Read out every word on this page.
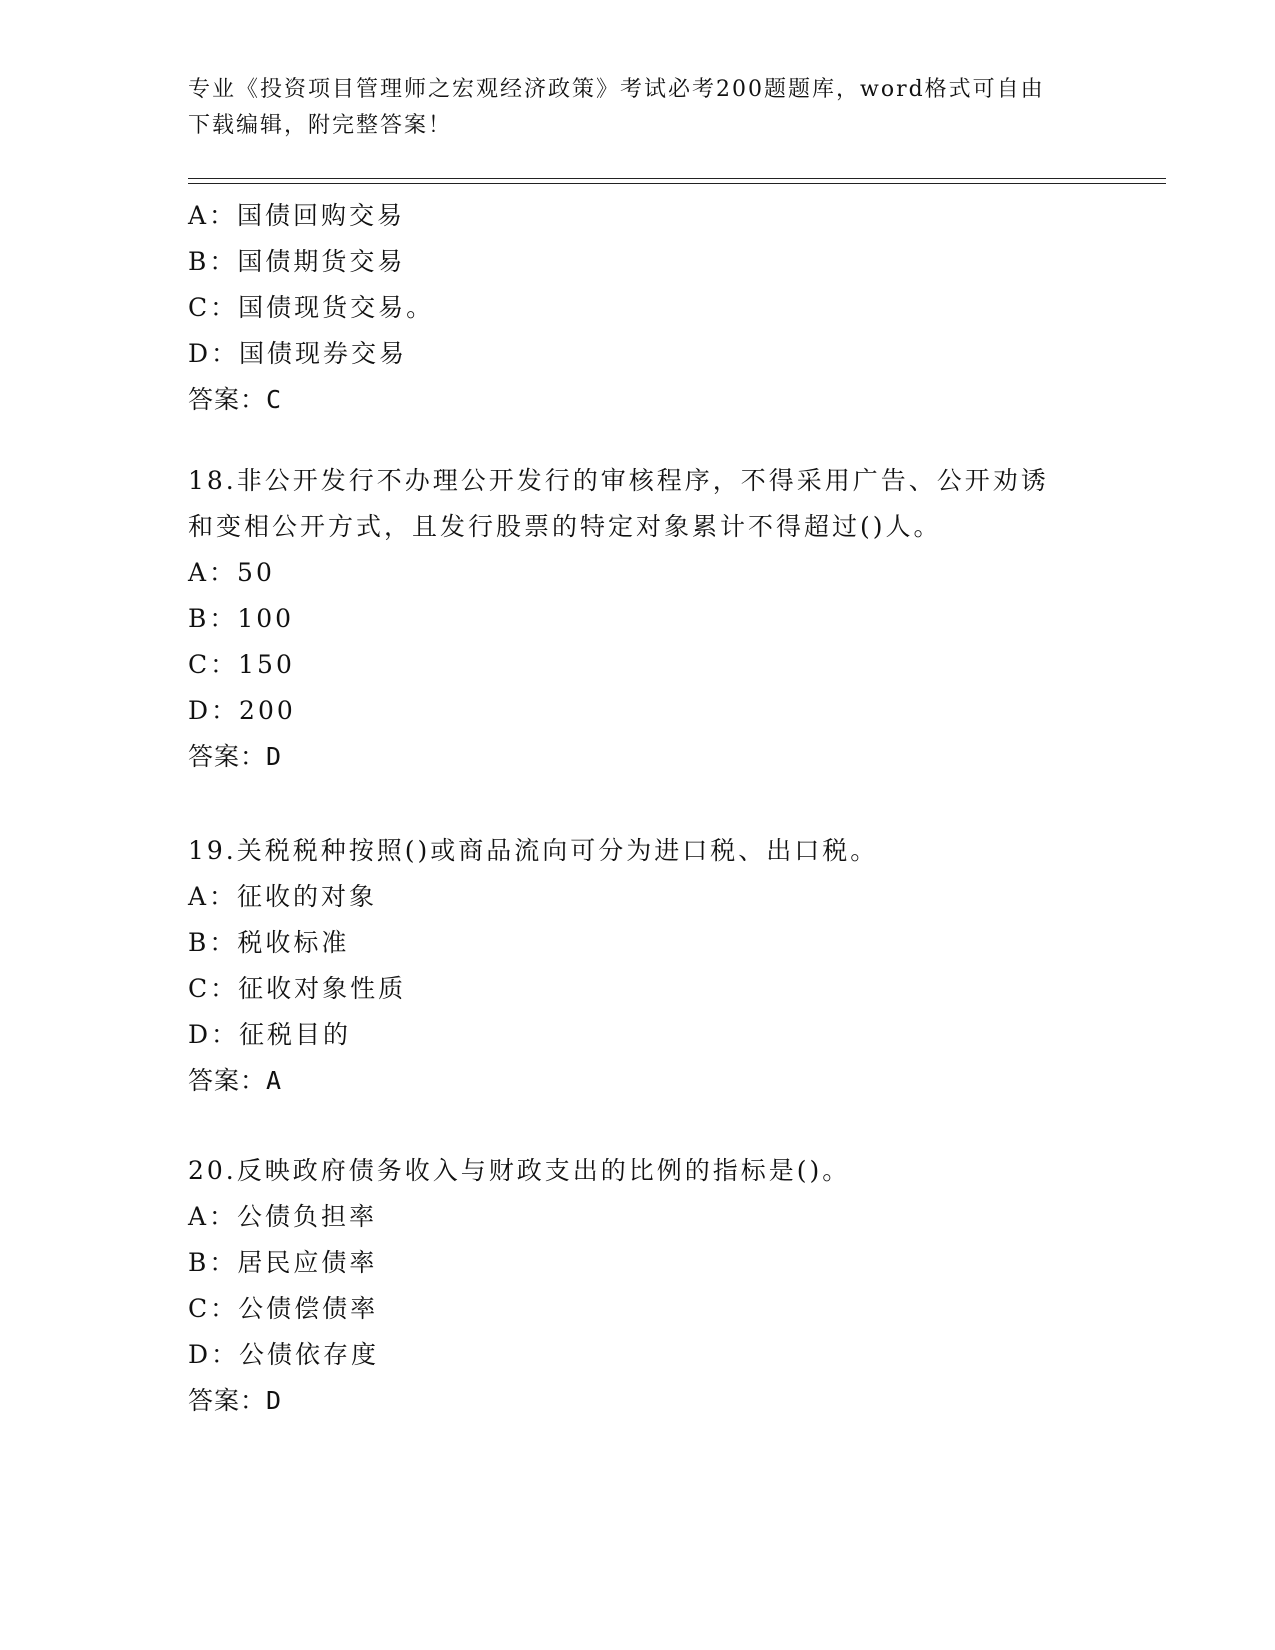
专业《投资项目管理师之宏观经济政策》考试必考200题题库，word格式可自由
下载编辑，附完整答案！
A：国债回购交易
B：国债期货交易
C：国债现货交易。
D：国债现券交易
答案：C
18.非公开发行不办理公开发行的审核程序，不得采用广告、公开劝诱
和变相公开方式，且发行股票的特定对象累计不得超过()人。
A：50
B：100
C：150
D：200
答案：D
19.关税税种按照()或商品流向可分为进口税、出口税。
A：征收的对象
B：税收标准
C：征收对象性质
D：征税目的
答案：A
20.反映政府债务收入与财政支出的比例的指标是()。
A：公债负担率
B：居民应债率
C：公债偿债率
D：公债依存度
答案：D
